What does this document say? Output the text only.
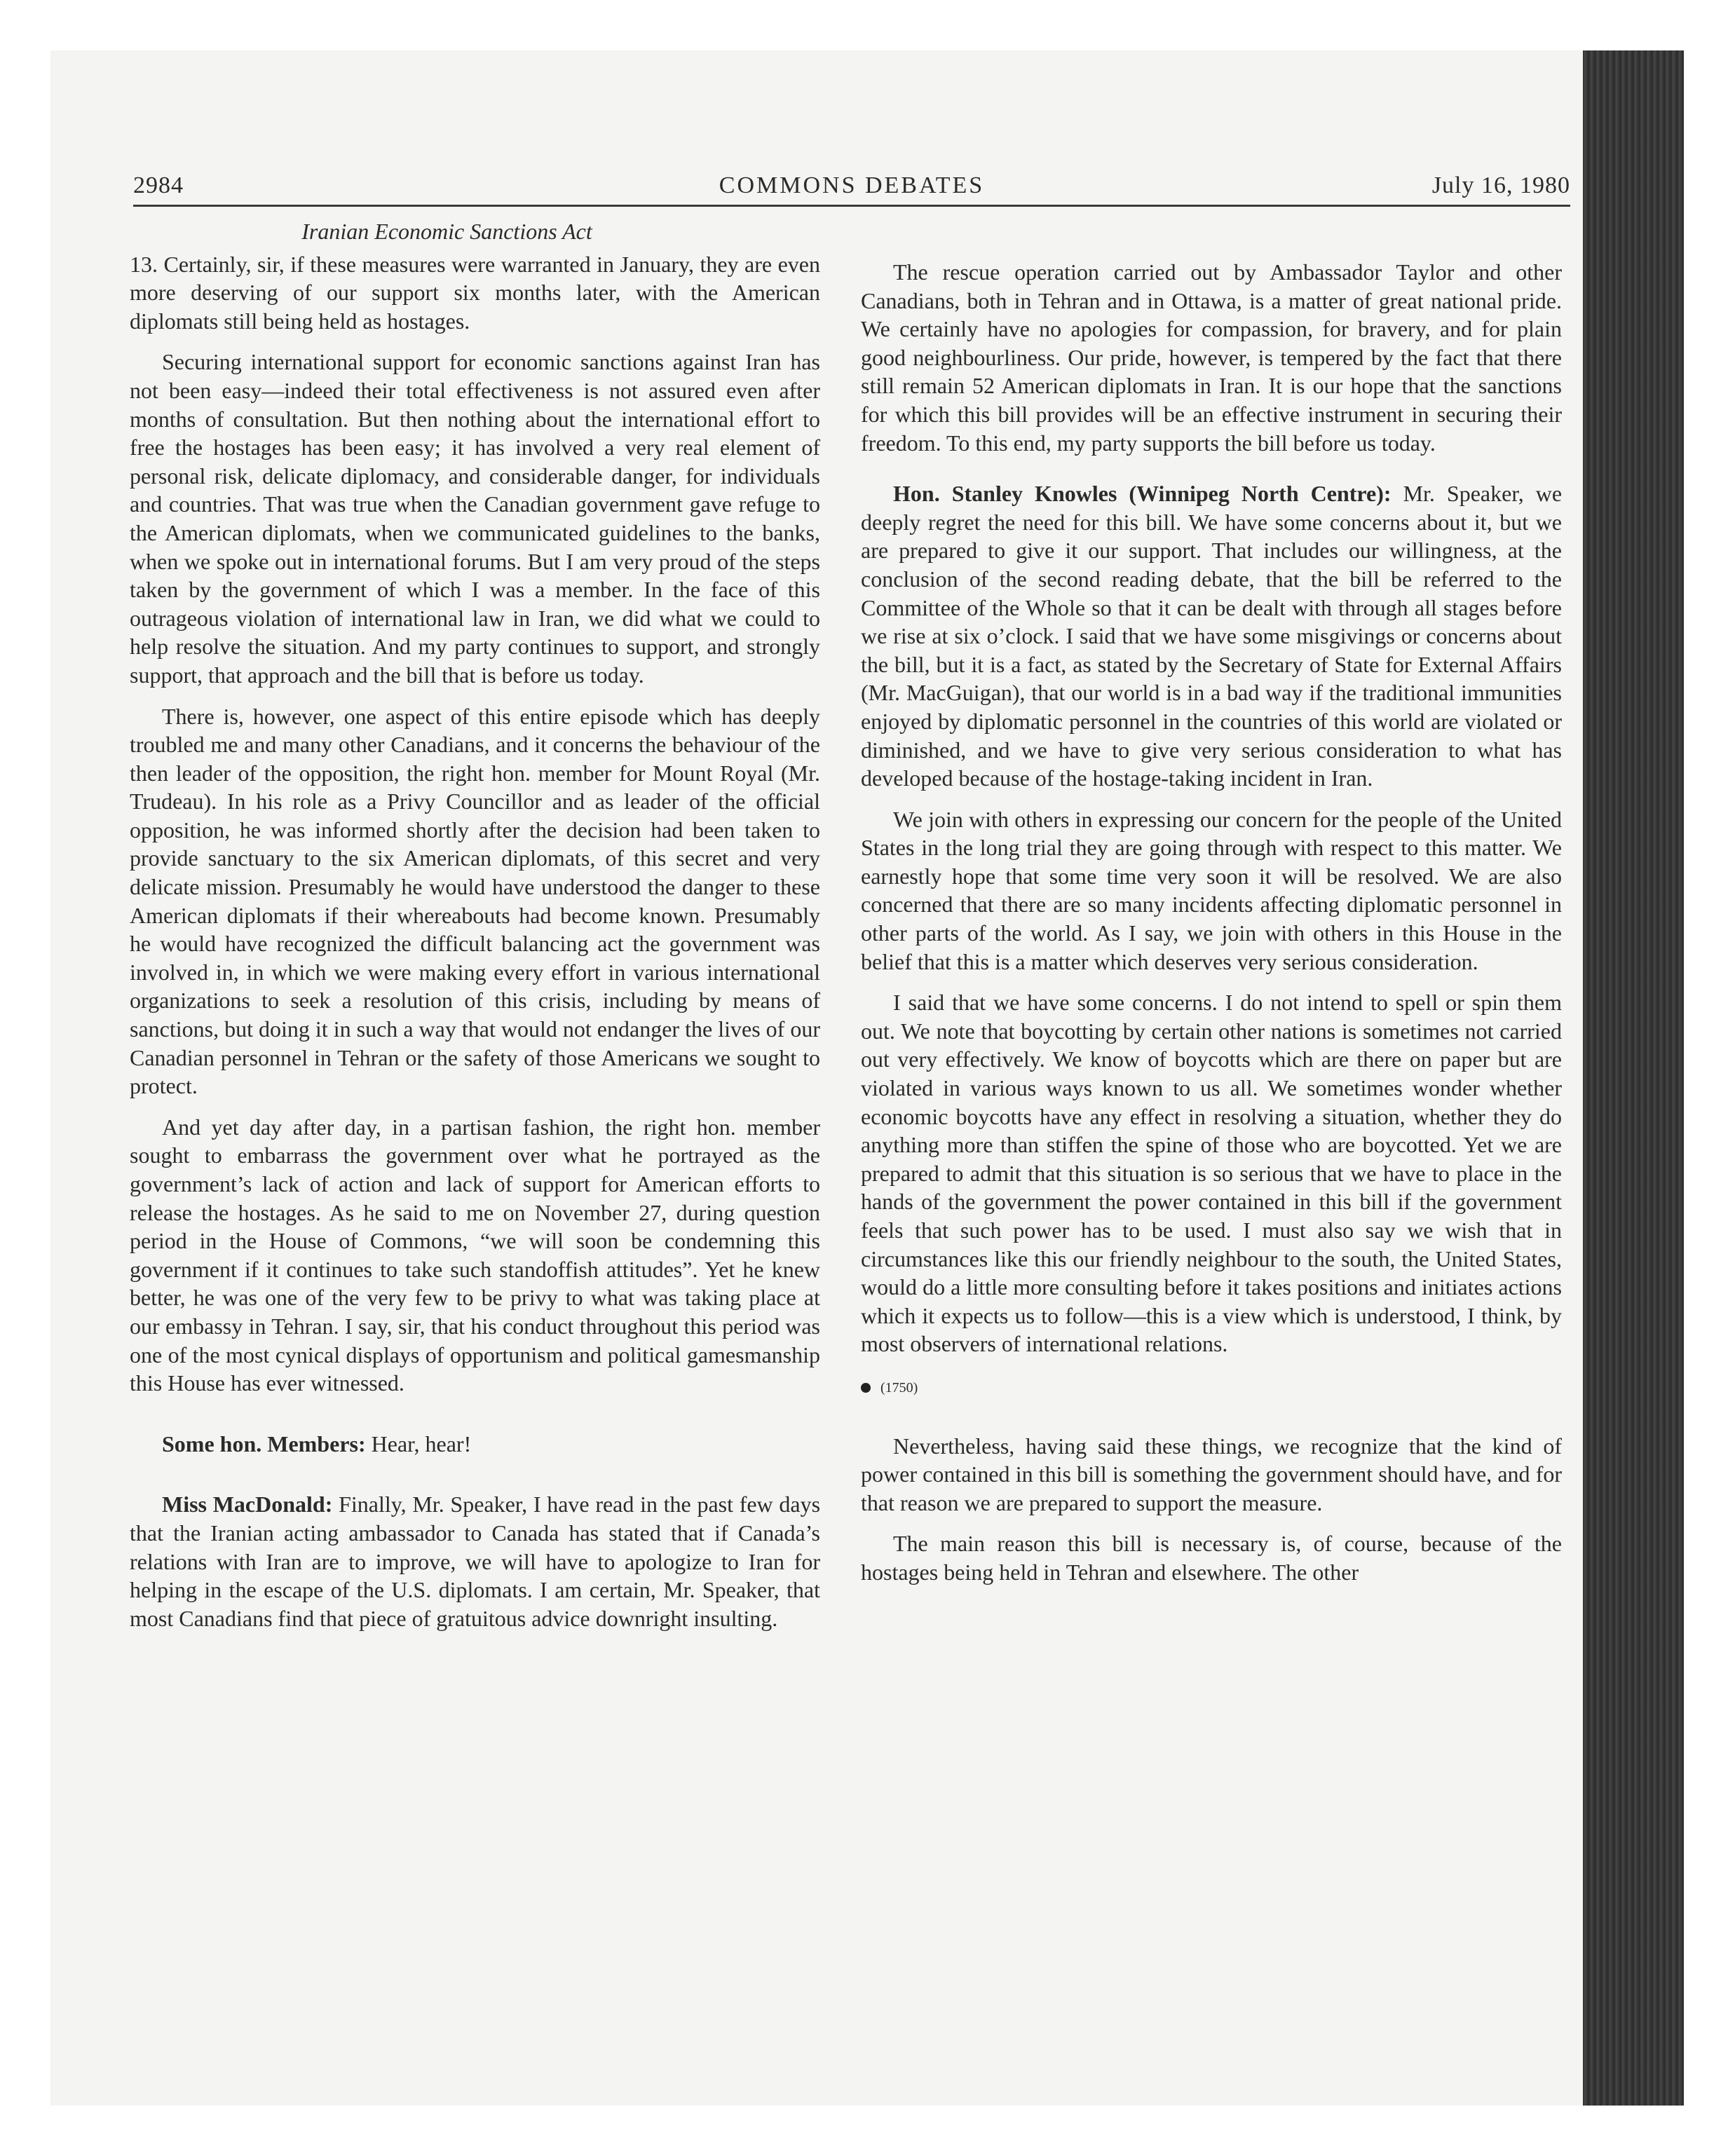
2984	COMMONS DEBATES	July 16, 1980
Iranian Economic Sanctions Act

13. Certainly, sir, if these measures were warranted in January, they are even more deserving of our support six months later, with the American diplomats still being held as hostages.

Securing international support for economic sanctions against Iran has not been easy—indeed their total effectiveness is not assured even after months of consultation. But then nothing about the international effort to free the hostages has been easy; it has involved a very real element of personal risk, delicate diplomacy, and considerable danger, for individuals and countries. That was true when the Canadian government gave refuge to the American diplomats, when we communicated guidelines to the banks, when we spoke out in international forums. But I am very proud of the steps taken by the government of which I was a member. In the face of this outrageous violation of international law in Iran, we did what we could to help resolve the situation. And my party continues to support, and strongly support, that approach and the bill that is before us today.

There is, however, one aspect of this entire episode which has deeply troubled me and many other Canadians, and it concerns the behaviour of the then leader of the opposition, the right hon. member for Mount Royal (Mr. Trudeau). In his role as a Privy Councillor and as leader of the official opposition, he was informed shortly after the decision had been taken to provide sanctuary to the six American diplomats, of this secret and very delicate mission. Presumably he would have understood the danger to these American diplomats if their whereabouts had become known. Presumably he would have recognized the difficult balancing act the government was involved in, in which we were making every effort in various international organizations to seek a resolution of this crisis, including by means of sanctions, but doing it in such a way that would not endanger the lives of our Canadian personnel in Tehran or the safety of those Americans we sought to protect.

And yet day after day, in a partisan fashion, the right hon. member sought to embarrass the government over what he portrayed as the government’s lack of action and lack of support for American efforts to release the hostages. As he said to me on November 27, during question period in the House of Commons, “we will soon be condemning this government if it continues to take such standoffish attitudes”. Yet he knew better, he was one of the very few to be privy to what was taking place at our embassy in Tehran. I say, sir, that his conduct throughout this period was one of the most cynical displays of opportunism and political gamesmanship this House has ever witnessed.

Some hon. Members: Hear, hear!

Miss MacDonald: Finally, Mr. Speaker, I have read in the past few days that the Iranian acting ambassador to Canada has stated that if Canada’s relations with Iran are to improve, we will have to apologize to Iran for helping in the escape of the U.S. diplomats. I am certain, Mr. Speaker, that most Canadians find that piece of gratuitous advice downright insulting.

The rescue operation carried out by Ambassador Taylor and other Canadians, both in Tehran and in Ottawa, is a matter of great national pride. We certainly have no apologies for compassion, for bravery, and for plain good neighbourliness. Our pride, however, is tempered by the fact that there still remain 52 American diplomats in Iran. It is our hope that the sanctions for which this bill provides will be an effective instrument in securing their freedom. To this end, my party supports the bill before us today.

Hon. Stanley Knowles (Winnipeg North Centre): Mr. Speaker, we deeply regret the need for this bill. We have some concerns about it, but we are prepared to give it our support. That includes our willingness, at the conclusion of the second reading debate, that the bill be referred to the Committee of the Whole so that it can be dealt with through all stages before we rise at six o’clock. I said that we have some misgivings or concerns about the bill, but it is a fact, as stated by the Secretary of State for External Affairs (Mr. MacGuigan), that our world is in a bad way if the traditional immunities enjoyed by diplomatic personnel in the countries of this world are violated or diminished, and we have to give very serious consideration to what has developed because of the hostage-taking incident in Iran.

We join with others in expressing our concern for the people of the United States in the long trial they are going through with respect to this matter. We earnestly hope that some time very soon it will be resolved. We are also concerned that there are so many incidents affecting diplomatic personnel in other parts of the world. As I say, we join with others in this House in the belief that this is a matter which deserves very serious consideration.

I said that we have some concerns. I do not intend to spell or spin them out. We note that boycotting by certain other nations is sometimes not carried out very effectively. We know of boycotts which are there on paper but are violated in various ways known to us all. We sometimes wonder whether economic boycotts have any effect in resolving a situation, whether they do anything more than stiffen the spine of those who are boycotted. Yet we are prepared to admit that this situation is so serious that we have to place in the hands of the government the power contained in this bill if the government feels that such power has to be used. I must also say we wish that in circumstances like this our friendly neighbour to the south, the United States, would do a little more consulting before it takes positions and initiates actions which it expects us to follow—this is a view which is understood, I think, by most observers of international relations.

(1750)

Nevertheless, having said these things, we recognize that the kind of power contained in this bill is something the government should have, and for that reason we are prepared to support the measure.

The main reason this bill is necessary is, of course, because of the hostages being held in Tehran and elsewhere. The other
